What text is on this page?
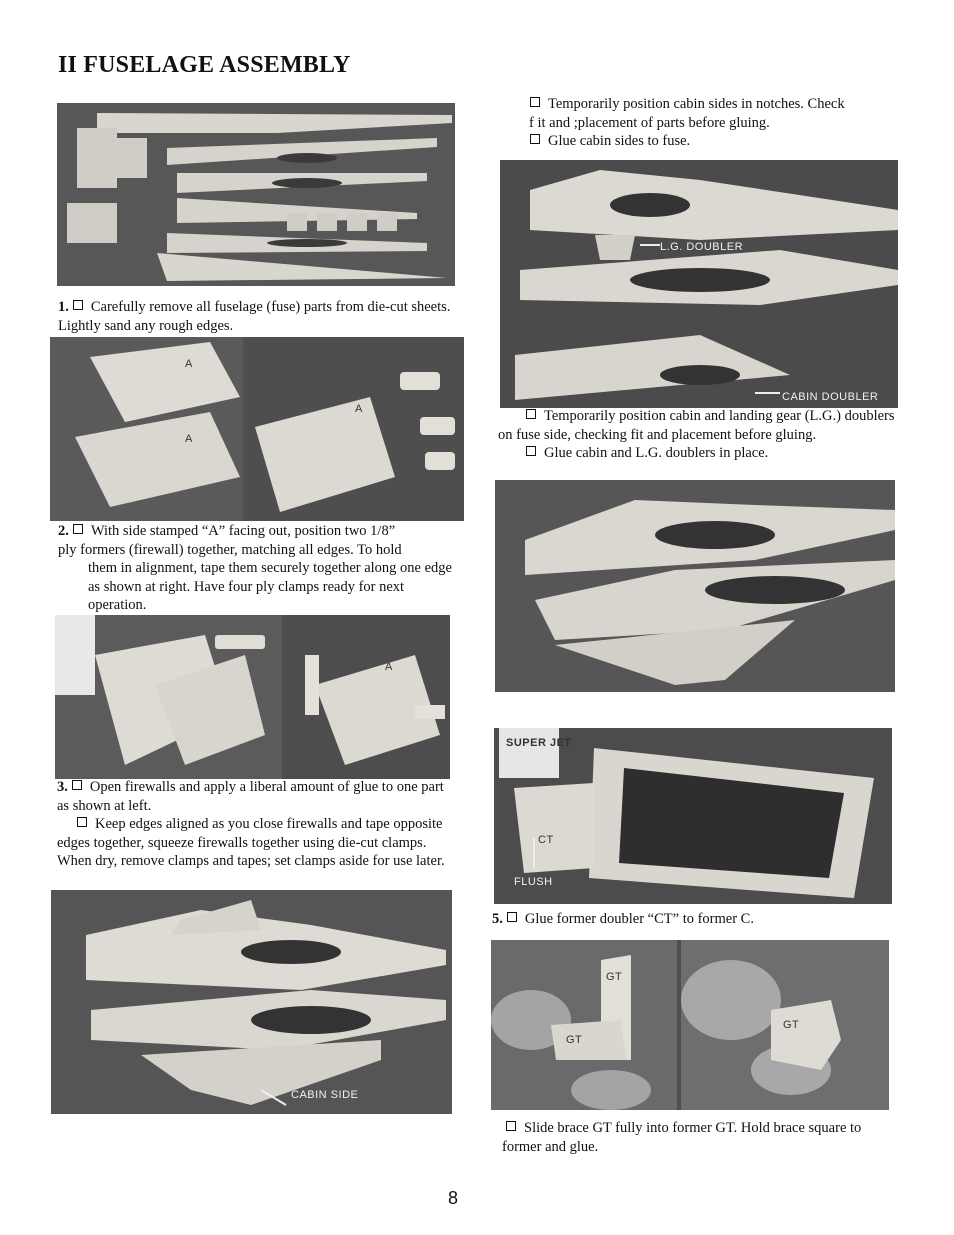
II FUSELAGE ASSEMBLY
1. Carefully remove all fuselage (fuse) parts from die-cut sheets. Lightly sand any rough edges.
A
A
A
2. With side stamped “A” facing out, position two 1/8”
ply formers (firewall) together, matching all edges. To hold
them in alignment, tape them securely together along one edge as shown at right. Have four ply clamps ready for next operation.
A
3. Open firewalls and apply a liberal amount of glue to one part as shown at left.
Keep edges aligned as you close firewalls and tape opposite edges together, squeeze firewalls together using die-cut clamps. When dry, remove clamps and tapes; set clamps aside for use later.
CABIN SIDE
Temporarily position cabin sides in notches. Check
f it and ;placement of parts before gluing.
Glue cabin sides to fuse.
L.G. DOUBLER
CABIN DOUBLER
Temporarily position cabin and landing gear (L.G.) doublers on fuse side, checking fit and placement before gluing.
Glue cabin and L.G. doublers in place.
SUPER JET
CT
FLUSH
5. Glue former doubler “CT” to former C.
GT
GT
GT
Slide brace GT fully into former GT. Hold brace square to former and glue.
8
